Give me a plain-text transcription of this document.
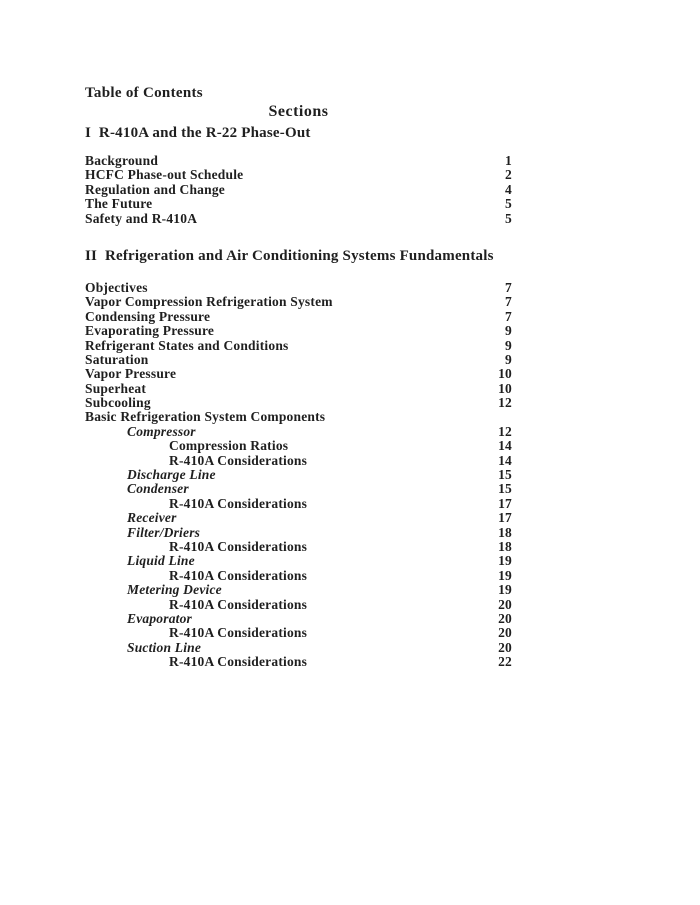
Table of Contents
Sections
I  R-410A and the R-22 Phase-Out
Background	1
HCFC Phase-out Schedule	2
Regulation and Change	4
The Future	5
Safety and R-410A	5
II  Refrigeration and Air Conditioning Systems Fundamentals
Objectives	7
Vapor Compression Refrigeration System	7
Condensing Pressure	7
Evaporating Pressure	9
Refrigerant States and Conditions	9
Saturation	9
Vapor Pressure	10
Superheat	10
Subcooling	12
Basic Refrigeration System Components
Compressor	12
Compression Ratios	14
R-410A Considerations	14
Discharge Line	15
Condenser	15
R-410A Considerations	17
Receiver	17
Filter/Driers	18
R-410A Considerations	18
Liquid Line	19
R-410A Considerations	19
Metering Device	19
R-410A Considerations	20
Evaporator	20
R-410A Considerations	20
Suction Line	20
R-410A Considerations	22
